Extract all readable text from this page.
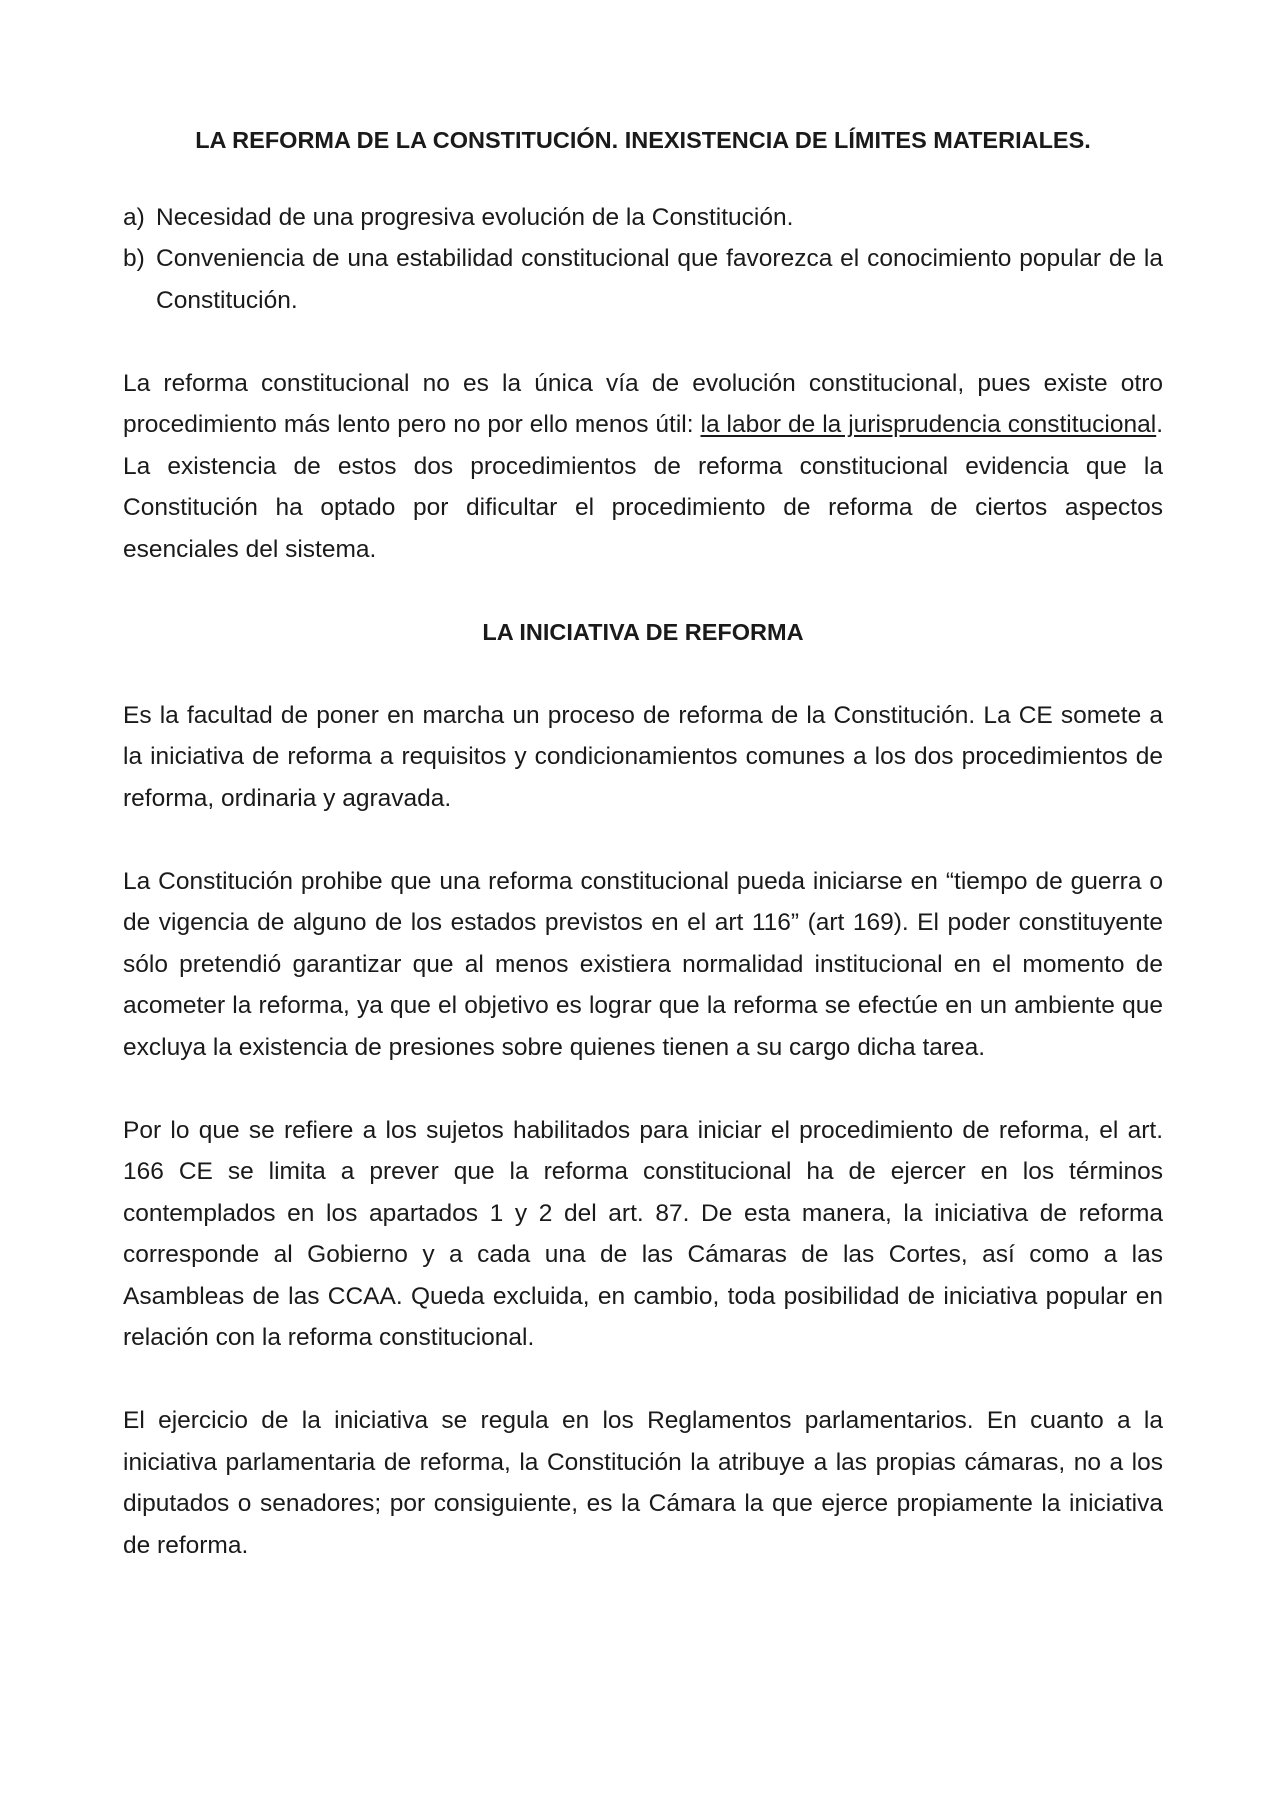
LA REFORMA DE LA CONSTITUCIÓN. INEXISTENCIA DE LÍMITES MATERIALES.
a) Necesidad de una progresiva evolución de la Constitución.
b) Conveniencia de una estabilidad constitucional que favorezca el conocimiento popular de la Constitución.

La reforma constitucional no es la única vía de evolución constitucional, pues existe otro procedimiento más lento pero no por ello menos útil: la labor de la jurisprudencia constitucional. La existencia de estos dos procedimientos de reforma constitucional evidencia que la Constitución ha optado por dificultar el procedimiento de reforma de ciertos aspectos esenciales del sistema.

LA INICIATIVA DE REFORMA

Es la facultad de poner en marcha un proceso de reforma de la Constitución. La CE somete a la iniciativa de reforma a requisitos y condicionamientos comunes a los dos procedimientos de reforma, ordinaria y agravada.

La Constitución prohibe que una reforma constitucional pueda iniciarse en “tiempo de guerra o de vigencia de alguno de los estados previstos en el art 116” (art 169). El poder constituyente sólo pretendió garantizar que al menos existiera normalidad institucional en el momento de acometer la reforma, ya que el objetivo es lograr que la reforma se efectúe en un ambiente que excluya la existencia de presiones sobre quienes tienen a su cargo dicha tarea.

Por lo que se refiere a los sujetos habilitados para iniciar el procedimiento de reforma, el art. 166 CE se limita a prever que la reforma constitucional ha de ejercer en los términos contemplados en los apartados 1 y 2 del art. 87. De esta manera, la iniciativa de reforma corresponde al Gobierno y a cada una de las Cámaras de las Cortes, así como a las Asambleas de las CCAA. Queda excluida, en cambio, toda posibilidad de iniciativa popular en relación con la reforma constitucional.

El ejercicio de la iniciativa se regula en los Reglamentos parlamentarios. En cuanto a la iniciativa parlamentaria de reforma, la Constitución la atribuye a las propias cámaras, no a los diputados o senadores; por consiguiente, es la Cámara la que ejerce propiamente la iniciativa de reforma.
